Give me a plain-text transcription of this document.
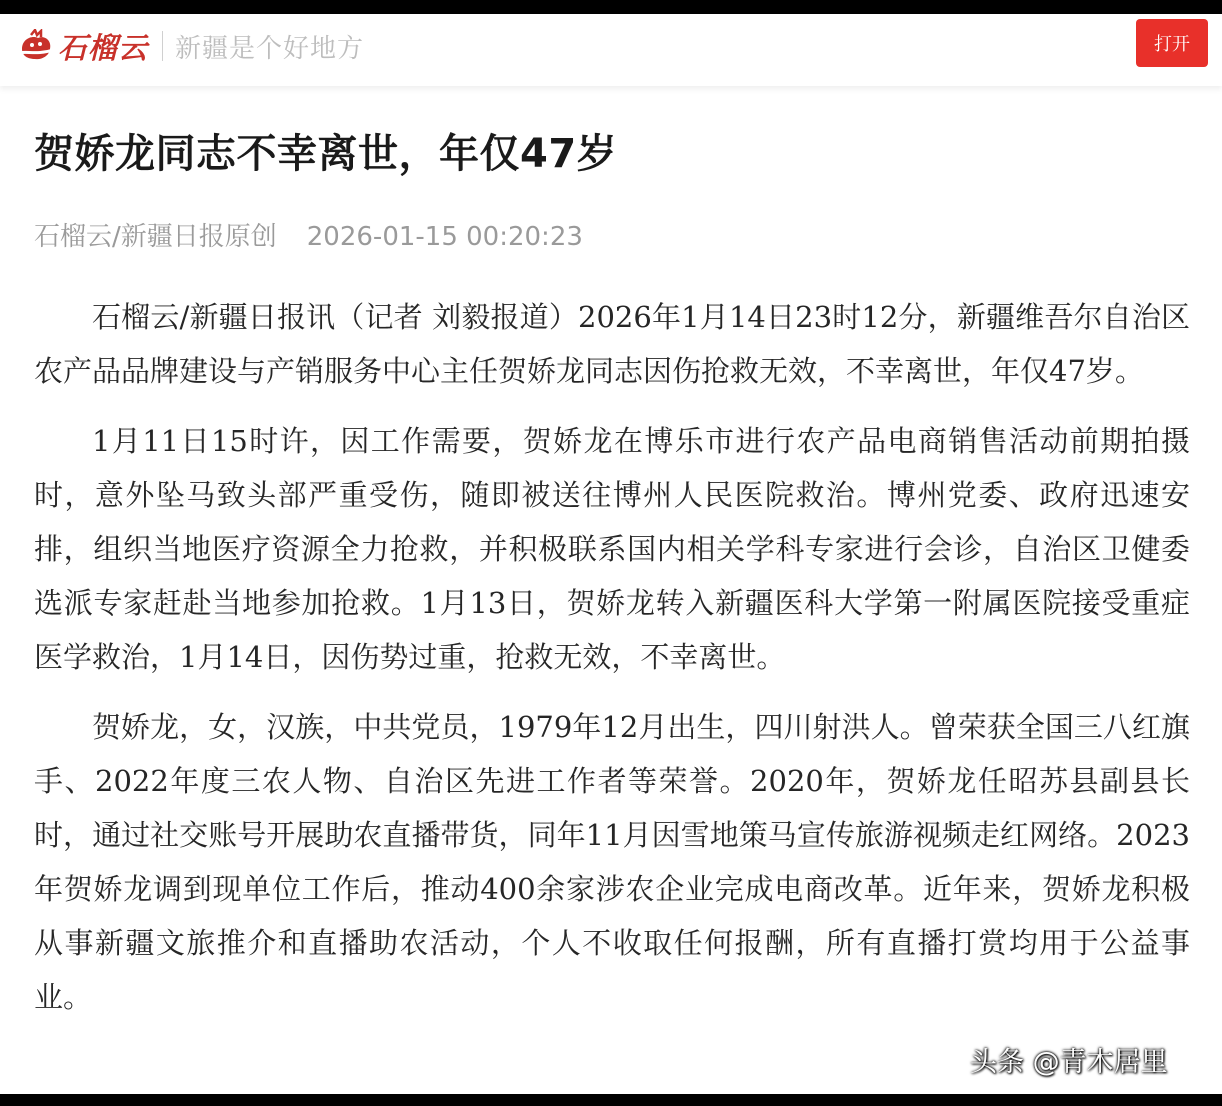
石榴云 新疆是个好地方	打开
贺娇龙同志不幸离世，年仅47岁
石榴云/新疆日报原创 2026-01-15 00:20:23

石榴云/新疆日报讯（记者 刘毅报道）2026年1月14日23时12分，新疆维吾尔自治区农产品品牌建设与产销服务中心主任贺娇龙同志因伤抢救无效，不幸离世，年仅47岁。

1月11日15时许，因工作需要，贺娇龙在博乐市进行农产品电商销售活动前期拍摄时，意外坠马致头部严重受伤，随即被送往博州人民医院救治。博州党委、政府迅速安排，组织当地医疗资源全力抢救，并积极联系国内相关学科专家进行会诊，自治区卫健委选派专家赶赴当地参加抢救。1月13日，贺娇龙转入新疆医科大学第一附属医院接受重症医学救治，1月14日，因伤势过重，抢救无效，不幸离世。

贺娇龙，女，汉族，中共党员，1979年12月出生，四川射洪人。曾荣获全国三八红旗手、2022年度三农人物、自治区先进工作者等荣誉。2020年，贺娇龙任昭苏县副县长时，通过社交账号开展助农直播带货，同年11月因雪地策马宣传旅游视频走红网络。2023年贺娇龙调到现单位工作后，推动400余家涉农企业完成电商改革。近年来，贺娇龙积极从事新疆文旅推介和直播助农活动，个人不收取任何报酬，所有直播打赏均用于公益事业。

头条 @青木居里
